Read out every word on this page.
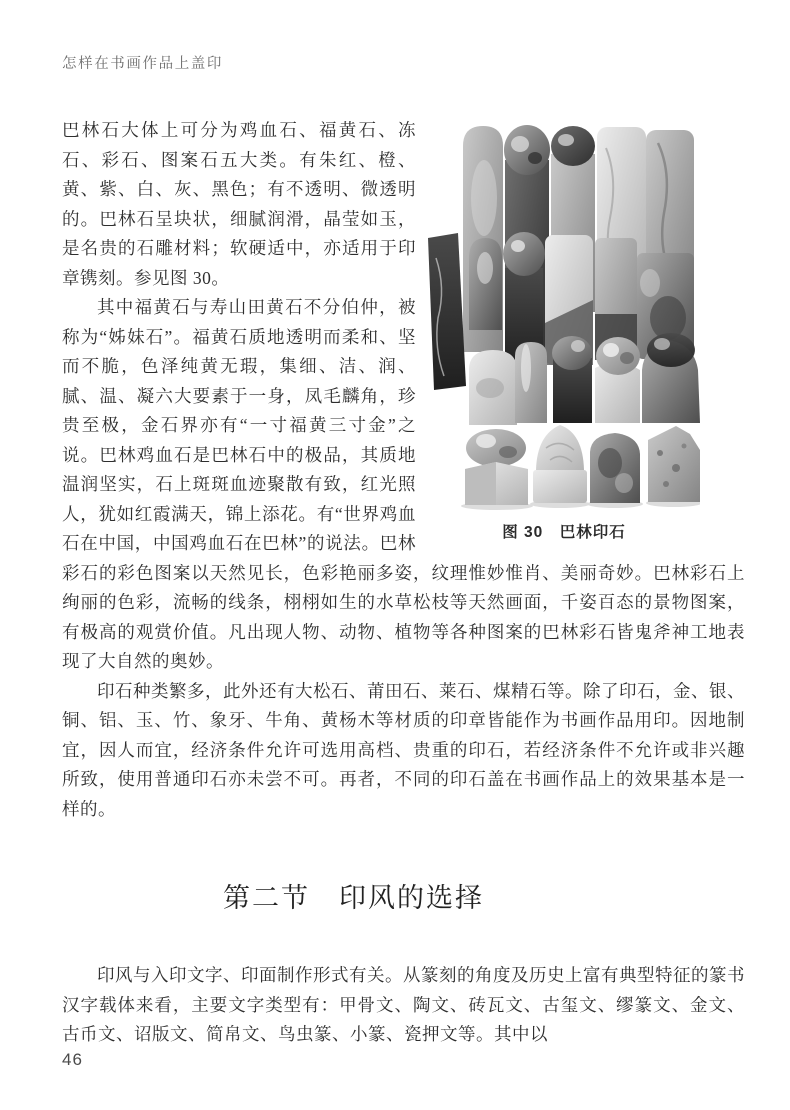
怎样在书画作品上盖印
图 30　巴林印石

巴林石大体上可分为鸡血石、福黄石、冻石、彩石、图案石五大类。有朱红、橙、黄、紫、白、灰、黑色；有不透明、微透明的。巴林石呈块状，细腻润滑，晶莹如玉，是名贵的石雕材料；软硬适中，亦适用于印章镌刻。参见图 30。

其中福黄石与寿山田黄石不分伯仲，被称为“姊妹石”。福黄石质地透明而柔和、坚而不脆，色泽纯黄无瑕，集细、洁、润、腻、温、凝六大要素于一身，凤毛麟角，珍贵至极，金石界亦有“一寸福黄三寸金”之说。巴林鸡血石是巴林石中的极品，其质地温润坚实，石上斑斑血迹聚散有致，红光照人，犹如红霞满天，锦上添花。有“世界鸡血石在中国，中国鸡血石在巴林”的说法。巴林彩石的彩色图案以天然见长，色彩艳丽多姿，纹理惟妙惟肖、美丽奇妙。巴林彩石上绚丽的色彩，流畅的线条，栩栩如生的水草松枝等天然画面，千姿百态的景物图案，有极高的观赏价值。凡出现人物、动物、植物等各种图案的巴林彩石皆鬼斧神工地表现了大自然的奥妙。

印石种类繁多，此外还有大松石、莆田石、莱石、煤精石等。除了印石，金、银、铜、铝、玉、竹、象牙、牛角、黄杨木等材质的印章皆能作为书画作品用印。因地制宜，因人而宜，经济条件允许可选用高档、贵重的印石，若经济条件不允许或非兴趣所致，使用普通印石亦未尝不可。再者，不同的印石盖在书画作品上的效果基本是一样的。

第二节　印风的选择

印风与入印文字、印面制作形式有关。从篆刻的角度及历史上富有典型特征的篆书汉字载体来看，主要文字类型有：甲骨文、陶文、砖瓦文、古玺文、缪篆文、金文、古币文、诏版文、简帛文、鸟虫篆、小篆、瓷押文等。其中以

46
